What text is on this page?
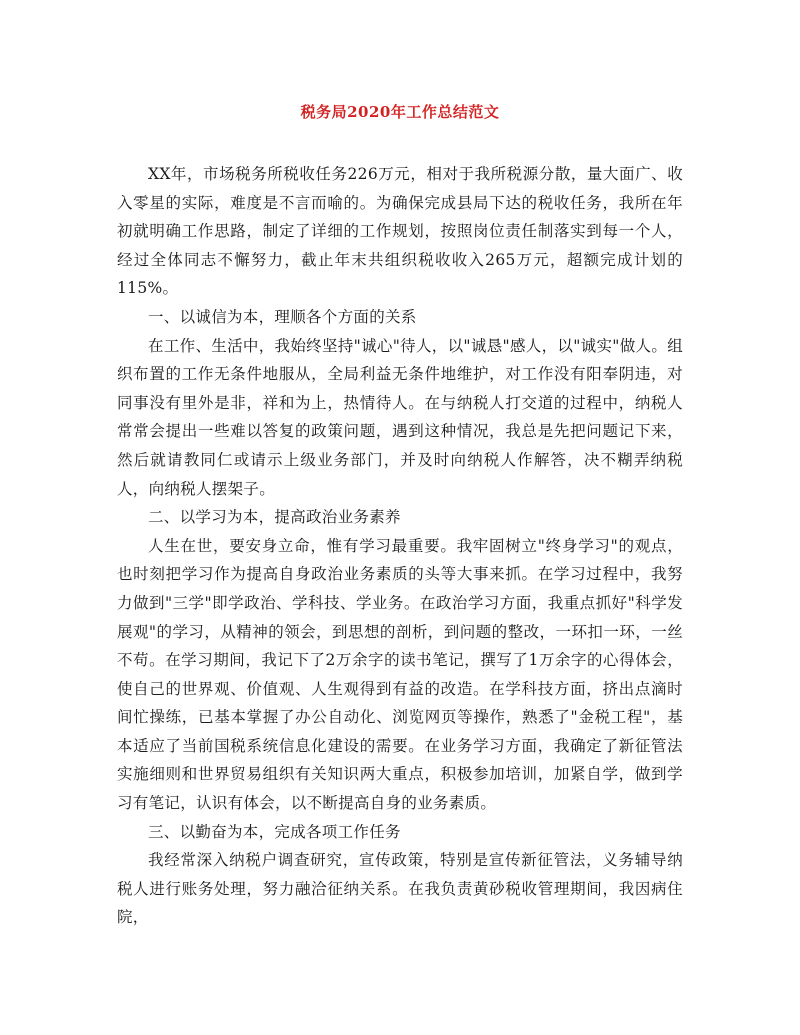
税务局2020年工作总结范文

XX年，市场税务所税收任务226万元，相对于我所税源分散，量大面广、收入零星的实际，难度是不言而喻的。为确保完成县局下达的税收任务，我所在年初就明确工作思路，制定了详细的工作规划，按照岗位责任制落实到每一个人，经过全体同志不懈努力，截止年末共组织税收收入265万元，超额完成计划的115%。

一、以诚信为本，理顺各个方面的关系

在工作、生活中，我始终坚持"诚心"待人，以"诚恳"感人，以"诚实"做人。组织布置的工作无条件地服从，全局利益无条件地维护，对工作没有阳奉阴违，对同事没有里外是非，祥和为上，热情待人。在与纳税人打交道的过程中，纳税人常常会提出一些难以答复的政策问题，遇到这种情况，我总是先把问题记下来，然后就请教同仁或请示上级业务部门，并及时向纳税人作解答，决不糊弄纳税人，向纳税人摆架子。

二、以学习为本，提高政治业务素养

人生在世，要安身立命，惟有学习最重要。我牢固树立"终身学习"的观点，也时刻把学习作为提高自身政治业务素质的头等大事来抓。在学习过程中，我努力做到"三学"即学政治、学科技、学业务。在政治学习方面，我重点抓好"科学发展观"的学习，从精神的领会，到思想的剖析，到问题的整改，一环扣一环，一丝不苟。在学习期间，我记下了2万余字的读书笔记，撰写了1万余字的心得体会，使自己的世界观、价值观、人生观得到有益的改造。在学科技方面，挤出点滴时间忙操练，已基本掌握了办公自动化、浏览网页等操作，熟悉了"金税工程"，基本适应了当前国税系统信息化建设的需要。在业务学习方面，我确定了新征管法实施细则和世界贸易组织有关知识两大重点，积极参加培训，加紧自学，做到学习有笔记，认识有体会，以不断提高自身的业务素质。

三、以勤奋为本，完成各项工作任务

我经常深入纳税户调查研究，宣传政策，特别是宣传新征管法，义务辅导纳税人进行账务处理，努力融洽征纳关系。在我负责黄砂税收管理期间，我因病住院，
